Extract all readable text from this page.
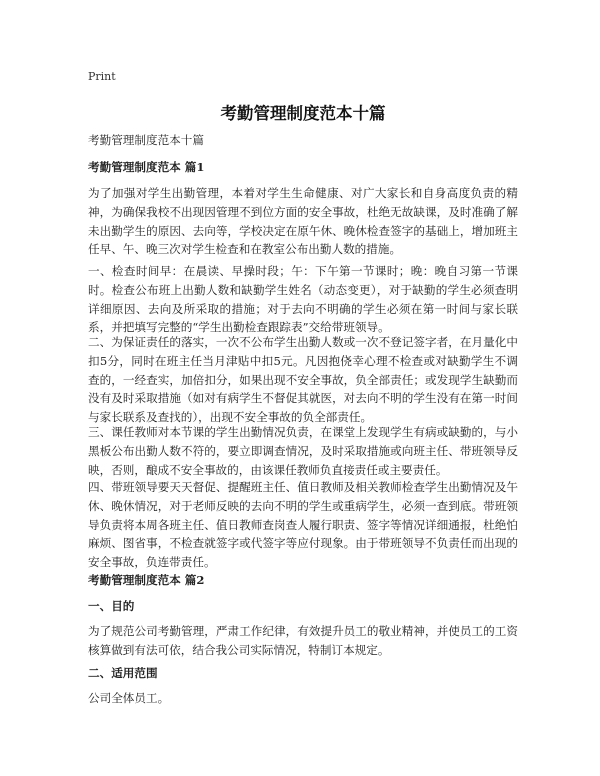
Print
考勤管理制度范本十篇
考勤管理制度范本十篇
考勤管理制度范本 篇1
为了加强对学生出勤管理，本着对学生生命健康、对广大家长和自身高度负责的精神，为确保我校不出现因管理不到位方面的安全事故，杜绝无故缺课，及时准确了解未出勤学生的原因、去向等，学校决定在原午休、晚休检查签字的基础上，增加班主任早、午、晚三次对学生检查和在教室公布出勤人数的措施。
一、检查时间早：在晨读、早操时段；午：下午第一节课时；晚：晚自习第一节课时。检查公布班上出勤人数和缺勤学生姓名（动态变更），对于缺勤的学生必须查明详细原因、去向及所采取的措施；对于去向不明确的学生必须在第一时间与家长联系，并把填写完整的“学生出勤检查跟踪表”交给带班领导。
二、为保证责任的落实，一次不公布学生出勤人数或一次不登记签字者，在月量化中扣5分，同时在班主任当月津贴中扣5元。凡因抱侥幸心理不检查或对缺勤学生不调查的，一经查实，加倍扣分，如果出现不安全事故，负全部责任；或发现学生缺勤而没有及时采取措施（如对有病学生不督促其就医，对去向不明的学生没有在第一时间与家长联系及查找的），出现不安全事故的负全部责任。
三、课任教师对本节课的学生出勤情况负责，在课堂上发现学生有病或缺勤的，与小黑板公布出勤人数不符的，要立即调查情况，及时采取措施或向班主任、带班领导反映，否则，酿成不安全事故的，由该课任教师负直接责任或主要责任。
四、带班领导要天天督促、提醒班主任、值日教师及相关教师检查学生出勤情况及午休、晚休情况，对于老师反映的去向不明的学生或重病学生，必须一查到底。带班领导负责将本周各班主任、值日教师查岗查人履行职责、签字等情况详细通报，杜绝怕麻烦、图省事，不检查就签字或代签字等应付现象。由于带班领导不负责任而出现的安全事故，负连带责任。
考勤管理制度范本 篇2
一、目的
为了规范公司考勤管理，严肃工作纪律，有效提升员工的敬业精神，并使员工的工资核算做到有法可依，结合我公司实际情况，特制订本规定。
二、适用范围
公司全体员工。
